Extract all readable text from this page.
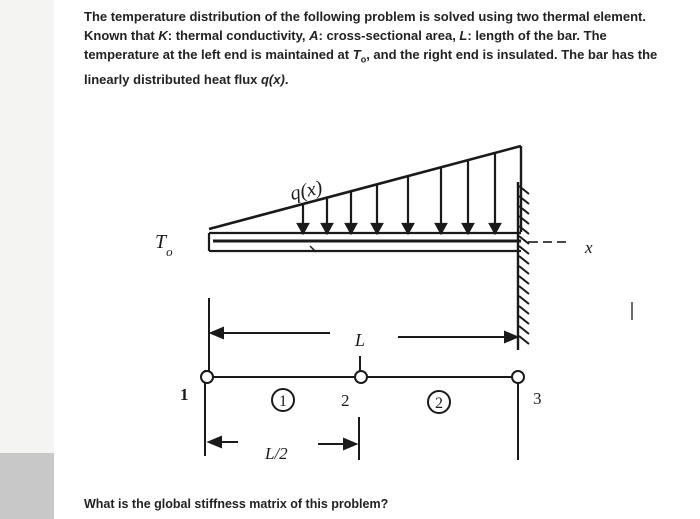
The temperature distribution of the following problem is solved using two thermal element.
Known that K: thermal conductivity, A: cross-sectional area, L: length of the bar. The
temperature at the left end is maintained at $T_o$, and the right end is insulated. The bar has the
linearly distributed heat flux q(x).
x
$T_o$
q(x)
L
1	2	3
1	2
L/2
What is the global stiffness matrix of this problem?
